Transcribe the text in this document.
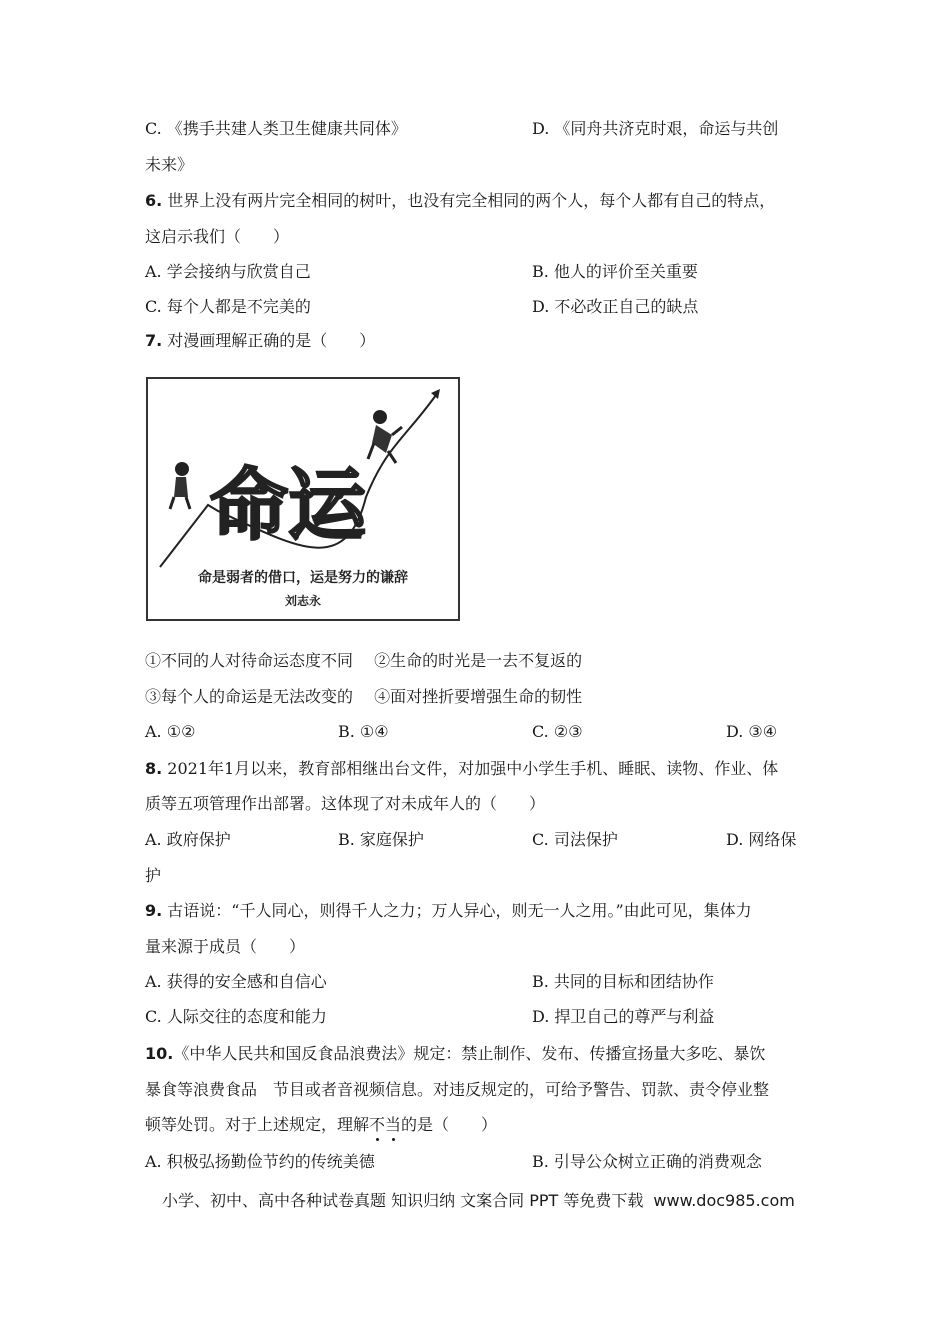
C. 《携手共建人类卫生健康共同体》	D. 《同舟共济克时艰，命运与共创
未来》
6. 世界上没有两片完全相同的树叶，也没有完全相同的两个人，每个人都有自己的特点，
这启示我们（　　）
A. 学会接纳与欣赏自己	B. 他人的评价至关重要
C. 每个人都是不完美的	D. 不必改正自己的缺点
7. 对漫画理解正确的是（　　）
命运
命是弱者的借口，运是努力的谦辞
刘志永
①不同的人对待命运态度不同　 ②生命的时光是一去不复返的
③每个人的命运是无法改变的　 ④面对挫折要增强生命的韧性
A. ①②	B. ①④	C. ②③	D. ③④
8. 2021年1月以来，教育部相继出台文件，对加强中小学生手机、睡眠、读物、作业、体
质等五项管理作出部署。这体现了对未成年人的（　　）
A. 政府保护	B. 家庭保护	C. 司法保护	D. 网络保
护
9. 古语说：“千人同心，则得千人之力；万人异心，则无一人之用。”由此可见，集体力
量来源于成员（　　）
A. 获得的安全感和自信心	B. 共同的目标和团结协作
C. 人际交往的态度和能力	D. 捍卫自己的尊严与利益
10.《中华人民共和国反食品浪费法》规定：禁止制作、发布、传播宣扬量大多吃、暴饮
暴食等浪费食品　节目或者音视频信息。对违反规定的，可给予警告、罚款、责令停业整
顿等处罚。对于上述规定，理解不当的是（　　）
A. 积极弘扬勤俭节约的传统美德	B. 引导公众树立正确的消费观念
小学、初中、高中各种试卷真题 知识归纳 文案合同 PPT 等免费下载 www.doc985.com
